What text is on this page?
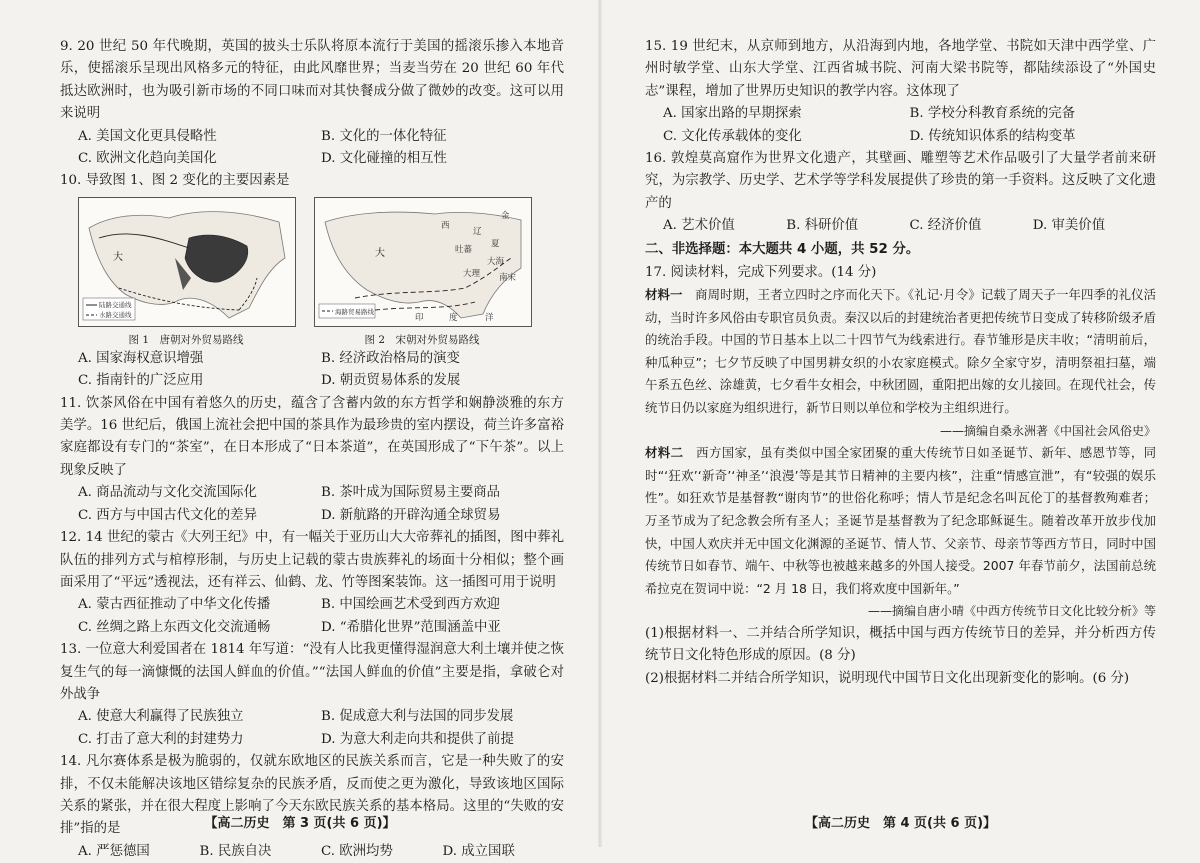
9. 20 世纪 50 年代晚期，英国的披头士乐队将原本流行于美国的摇滚乐掺入本地音乐，使摇滚乐呈现出风格多元的特征，由此风靡世界；当麦当劳在 20 世纪 60 年代抵达欧洲时，也为吸引新市场的不同口味而对其快餐成分做了微妙的改变。这可以用来说明

A. 美国文化更具侵略性	B. 文化的一体化特征
C. 欧洲文化趋向美国化	D. 文化碰撞的相互性

10. 导致图 1、图 2 变化的主要因素是

大
陆路交通线
水路交通线
图 1　唐朝对外贸易路线
西
辽
金
夏
吐蕃
大
大理
大海
南宋
印	度	洋
海路贸易路线
图 2　宋朝对外贸易路线
A. 国家海权意识增强	B. 经济政治格局的演变
C. 指南针的广泛应用	D. 朝贡贸易体系的发展

11. 饮茶风俗在中国有着悠久的历史，蕴含了含蓄内敛的东方哲学和娴静淡雅的东方美学。16 世纪后，俄国上流社会把中国的茶具作为最珍贵的室内摆设，荷兰许多富裕家庭都设有专门的“茶室”，在日本形成了“日本茶道”，在英国形成了“下午茶”。以上现象反映了

A. 商品流动与文化交流国际化	B. 茶叶成为国际贸易主要商品
C. 西方与中国古代文化的差异	D. 新航路的开辟沟通全球贸易

12. 14 世纪的蒙古《大列王纪》中，有一幅关于亚历山大大帝葬礼的插图，图中葬礼队伍的排列方式与棺椁形制，与历史上记载的蒙古贵族葬礼的场面十分相似；整个画面采用了“平远”透视法，还有祥云、仙鹤、龙、竹等图案装饰。这一插图可用于说明

A. 蒙古西征推动了中华文化传播	B. 中国绘画艺术受到西方欢迎
C. 丝绸之路上东西文化交流通畅	D. “希腊化世界”范围涵盖中亚

13. 一位意大利爱国者在 1814 年写道：“没有人比我更懂得湿润意大利土壤并使之恢复生气的每一滴慷慨的法国人鲜血的价值。”“法国人鲜血的价值”主要是指，拿破仑对外战争

A. 使意大利赢得了民族独立	B. 促成意大利与法国的同步发展
C. 打击了意大利的封建势力	D. 为意大利走向共和提供了前提

14. 凡尔赛体系是极为脆弱的，仅就东欧地区的民族关系而言，它是一种失败了的安排，不仅未能解决该地区错综复杂的民族矛盾，反而使之更为激化，导致该地区国际关系的紧张，并在很大程度上影响了今天东欧民族关系的基本格局。这里的“失败的安排”指的是

A. 严惩德国	B. 民族自决	C. 欧洲均势	D. 成立国联
【高二历史　第 3 页(共 6 页)】

15. 19 世纪末，从京师到地方，从沿海到内地，各地学堂、书院如天津中西学堂、广州时敏学堂、山东大学堂、江西省城书院、河南大梁书院等，都陆续添设了“外国史志”课程，增加了世界历史知识的教学内容。这体现了

A. 国家出路的早期探索	B. 学校分科教育系统的完备
C. 文化传承载体的变化	D. 传统知识体系的结构变革

16. 敦煌莫高窟作为世界文化遗产，其壁画、雕塑等艺术作品吸引了大量学者前来研究，为宗教学、历史学、艺术学等学科发展提供了珍贵的第一手资料。这反映了文化遗产的

A. 艺术价值	B. 科研价值	C. 经济价值	D. 审美价值
二、非选择题：本大题共 4 小题，共 52 分。

17. 阅读材料，完成下列要求。(14 分)

材料一　 商周时期，王者立四时之序而化天下。《礼记·月令》记载了周天子一年四季的礼仪活动，当时许多风俗由专职官员负责。秦汉以后的封建统治者更把传统节日变成了转移阶级矛盾的统治手段。中国的节日基本上以二十四节气为线索进行。春节雏形是庆丰收；“清明前后，种瓜种豆”；七夕节反映了中国男耕女织的小农家庭模式。除夕全家守岁，清明祭祖扫墓，端午系五色丝、涂雄黄，七夕看牛女相会，中秋团圆，重阳把出嫁的女儿接回。在现代社会，传统节日仍以家庭为组织进行，新节日则以单位和学校为主组织进行。

——摘编自桑永洲著《中国社会风俗史》

材料二　 西方国家，虽有类似中国全家团聚的重大传统节日如圣诞节、新年、感恩节等，同时“‘狂欢’‘新奇’‘神圣’‘浪漫’等是其节日精神的主要内核”，注重“情感宣泄”，有“较强的娱乐性”。如狂欢节是基督教“谢肉节”的世俗化称呼；情人节是纪念名叫瓦伦丁的基督教殉难者；万圣节成为了纪念教会所有圣人；圣诞节是基督教为了纪念耶稣诞生。随着改革开放步伐加快，中国人欢庆并无中国文化渊源的圣诞节、情人节、父亲节、母亲节等西方节日，同时中国传统节日如春节、端午、中秋等也被越来越多的外国人接受。2007 年春节前夕，法国前总统希拉克在贺词中说：“2 月 18 日，我们将欢度中国新年。”

——摘编自唐小晴《中西方传统节日文化比较分析》等

(1)根据材料一、二并结合所学知识，概括中国与西方传统节日的差异，并分析西方传统节日文化特色形成的原因。(8 分)

(2)根据材料二并结合所学知识，说明现代中国节日文化出现新变化的影响。(6 分)

【高二历史　第 4 页(共 6 页)】
